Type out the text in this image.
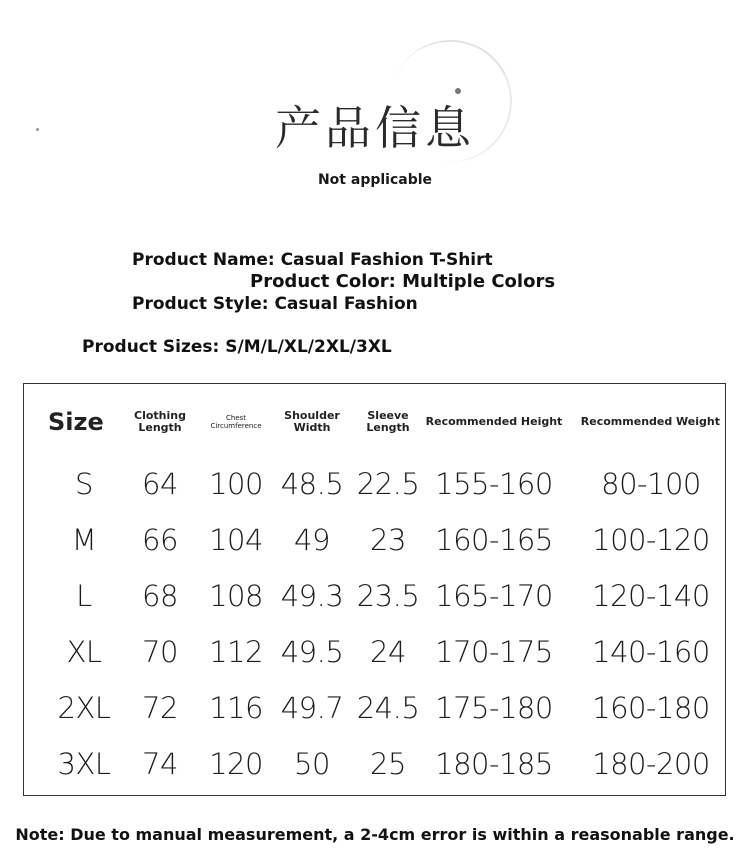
产品信息
Not applicable
Product Name: Casual Fashion T-Shirt
Product Color: Multiple Colors
Product Style: Casual Fashion
Product Sizes: S/M/L/XL/2XL/3XL
Size	Clothing Length	Chest Circumference	Shoulder Width	Sleeve Length	Recommended Height	Recommended Weight
S	64	100	48.5	22.5	155-160	80-100
M	66	104	49	23	160-165	100-120
L	68	108	49.3	23.5	165-170	120-140
XL	70	112	49.5	24	170-175	140-160
2XL	72	116	49.7	24.5	175-180	160-180
3XL	74	120	50	25	180-185	180-200
Note: Due to manual measurement, a 2-4cm error is within a reasonable range.
